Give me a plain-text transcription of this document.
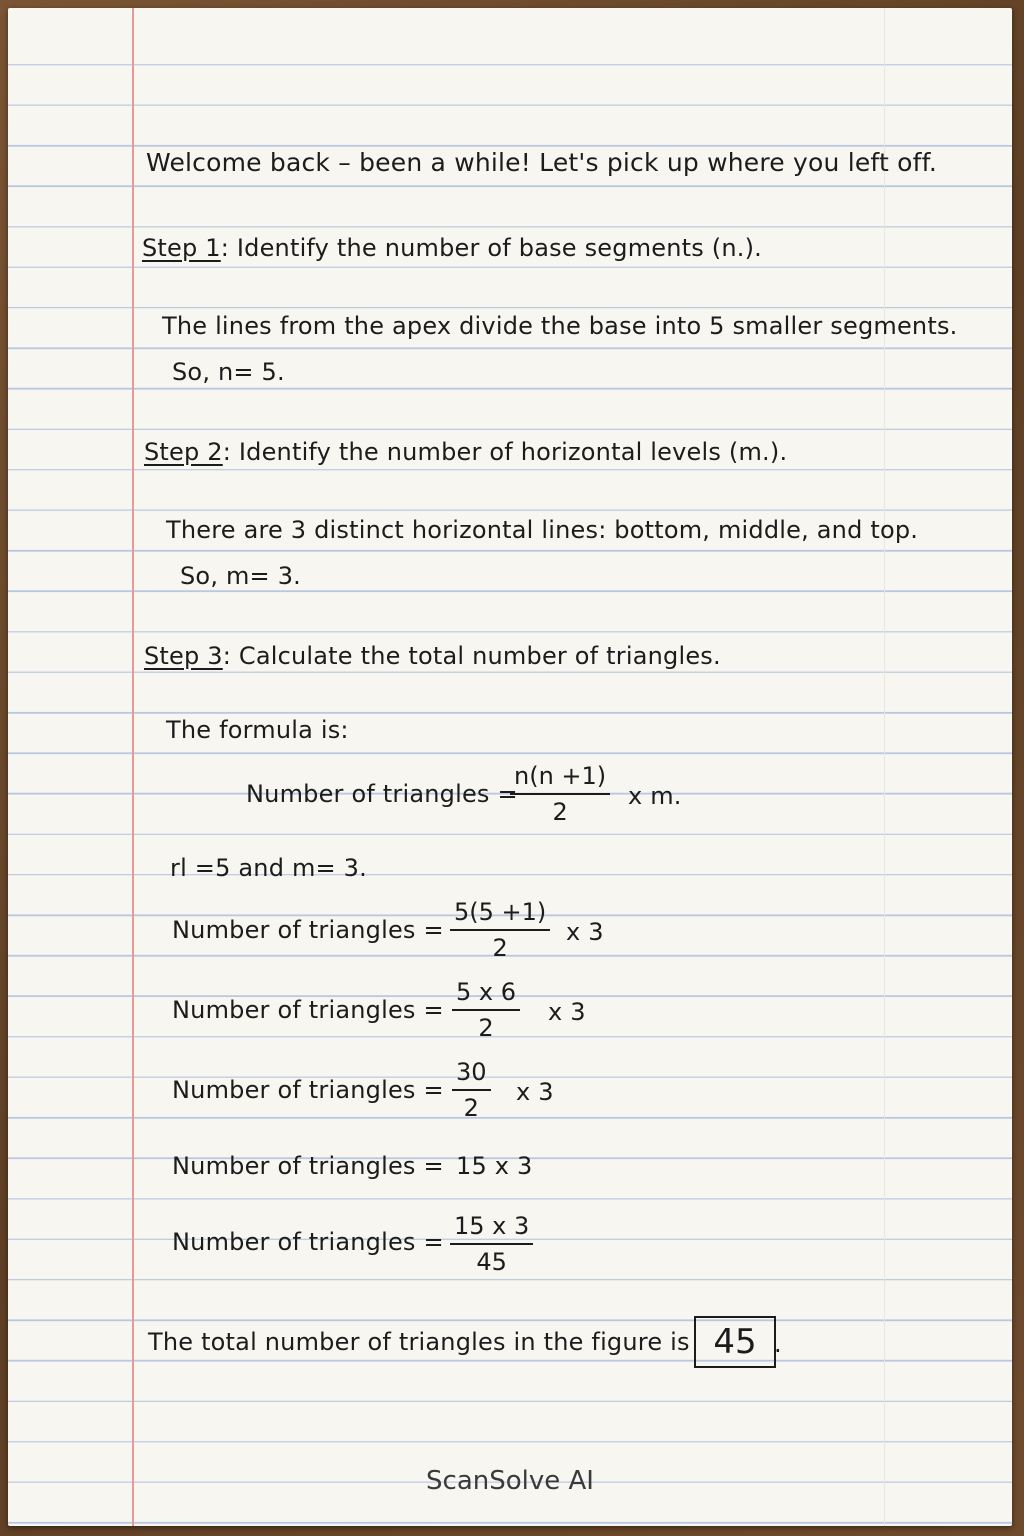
Welcome back – been a while! Let's pick up where you left off.
Step 1: Identify the number of base segments (n.).
The lines from the apex divide the base into 5 smaller segments.
So, n= 5.
Step 2: Identify the number of horizontal levels (m.).
There are 3 distinct horizontal lines: bottom, middle, and top.
So, m= 3.
Step 3: Calculate the total number of triangles.
The formula is:
Number of triangles =
$\frac{n(n +1)}{2}$ x m.
rl =5 and m= 3.
Number of triangles = $\frac{5(5 +1)}{2}$ x 3
Number of triangles = $\frac{5 x 6}{2}$ x 3
Number of triangles = $\frac{30}{2}$ x 3
Number of triangles = 15 x 3
Number of triangles = $\frac{15 x 3}{45}$
The total number of triangles in the figure is 45 .
ScanSolve AI
